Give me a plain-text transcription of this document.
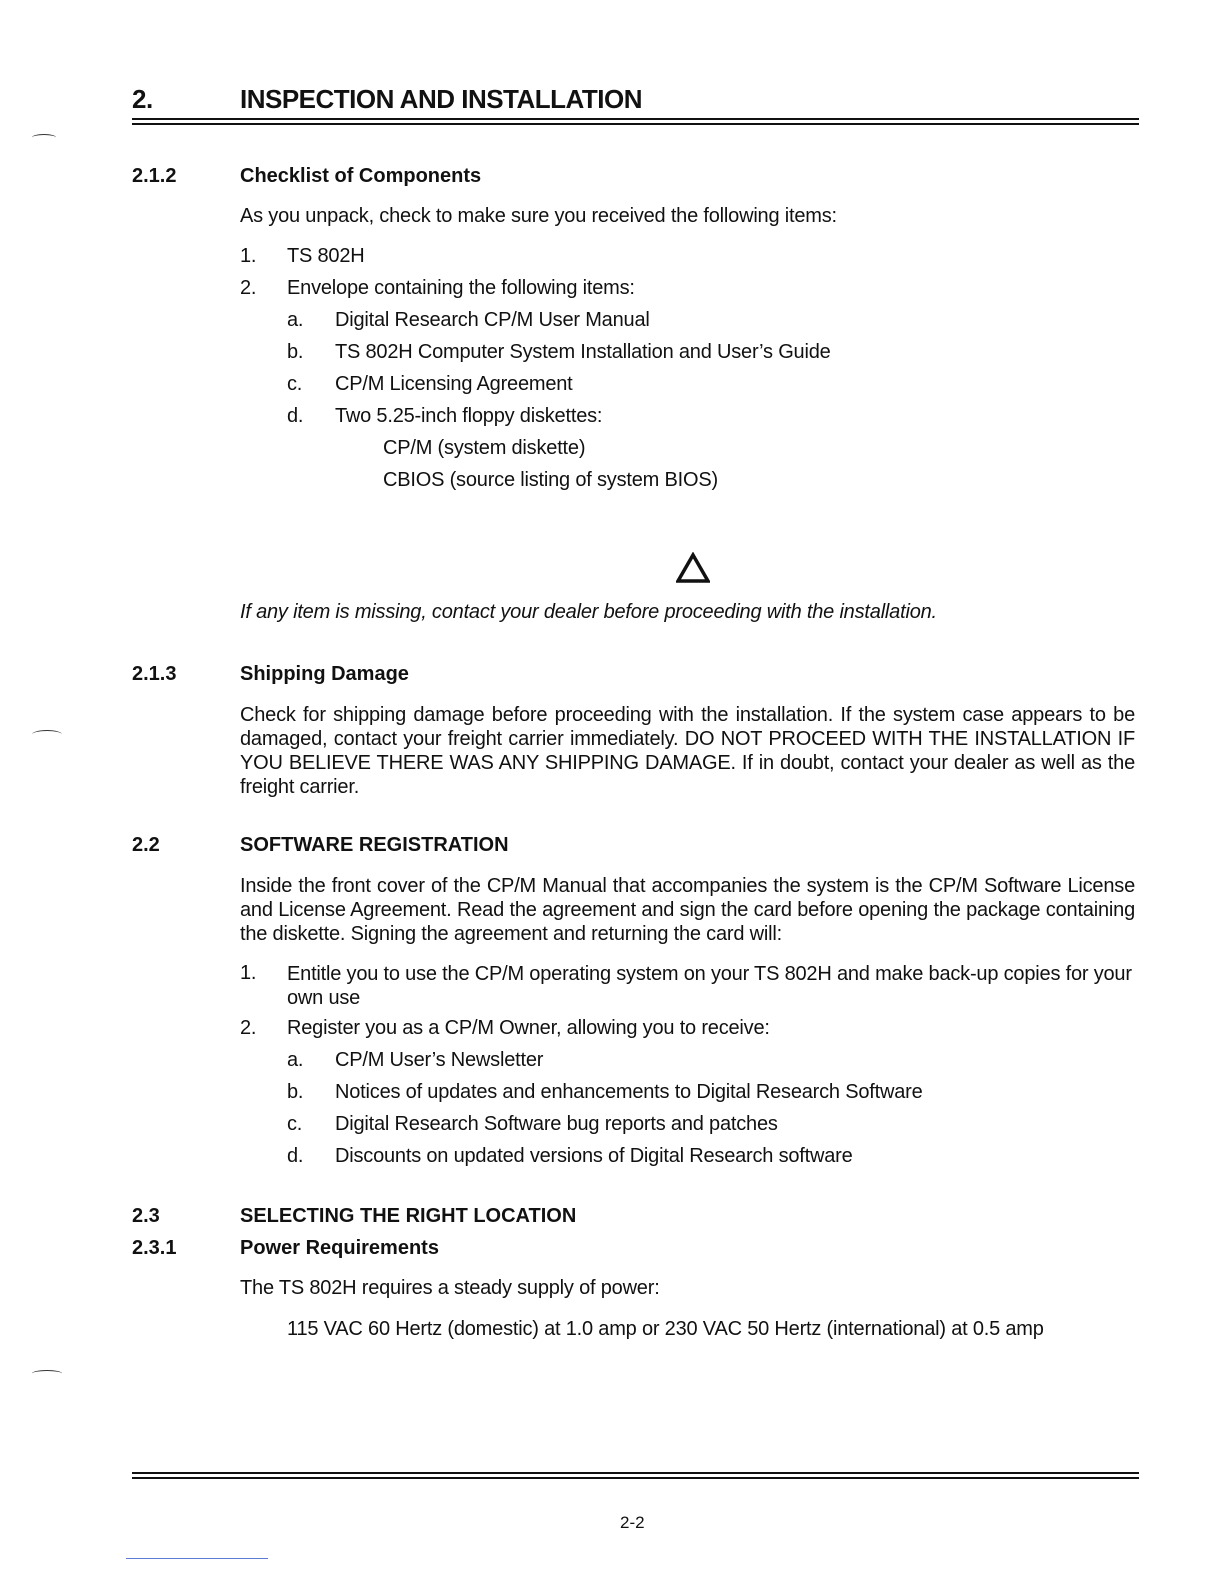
2.	INSPECTION AND INSTALLATION
2.1.2	Checklist of Components
As you unpack, check to make sure you received the following items:
1. TS 802H
2. Envelope containing the following items:
a. Digital Research CP/M User Manual
b. TS 802H Computer System Installation and User’s Guide
c. CP/M Licensing Agreement
d. Two 5.25-inch floppy diskettes:
CP/M (system diskette)
CBIOS (source listing of system BIOS)
If any item is missing, contact your dealer before proceeding with the installation.
2.1.3	Shipping Damage
Check for shipping damage before proceeding with the installation. If the system case appears to be damaged, contact your freight carrier immediately. DO NOT PROCEED WITH THE INSTALLATION IF YOU BELIEVE THERE WAS ANY SHIPPING DAMAGE. If in doubt, contact your dealer as well as the freight carrier.
2.2	SOFTWARE REGISTRATION
Inside the front cover of the CP/M Manual that accompanies the system is the CP/M Software License and License Agreement. Read the agreement and sign the card before opening the package containing the diskette. Signing the agreement and returning the card will:
1. Entitle you to use the CP/M operating system on your TS 802H and make back-up copies for your own use
2. Register you as a CP/M Owner, allowing you to receive:
a. CP/M User’s Newsletter
b. Notices of updates and enhancements to Digital Research Software
c. Digital Research Software bug reports and patches
d. Discounts on updated versions of Digital Research software
2.3	SELECTING THE RIGHT LOCATION
2.3.1	Power Requirements
The TS 802H requires a steady supply of power:
115 VAC 60 Hertz (domestic) at 1.0 amp or 230 VAC 50 Hertz (international) at 0.5 amp
2-2
